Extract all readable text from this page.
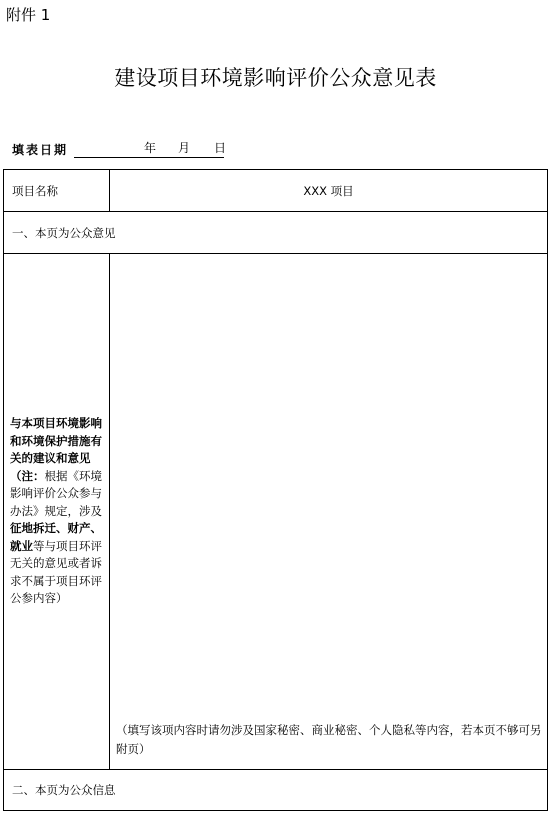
附件 1
建设项目环境影响评价公众意见表
填表日期	年 月 日
项目名称	XXX 项目
一、本页为公众意见
与本项目环境影响和环境保护措施有关的建议和意见（注：根据《环境影响评价公众参与办法》规定，涉及征地拆迁、财产、就业等与项目环评无关的意见或者诉求不属于项目环评公参内容）
（填写该项内容时请勿涉及国家秘密、商业秘密、个人隐私等内容，若本页不够可另附页）
二、本页为公众信息
